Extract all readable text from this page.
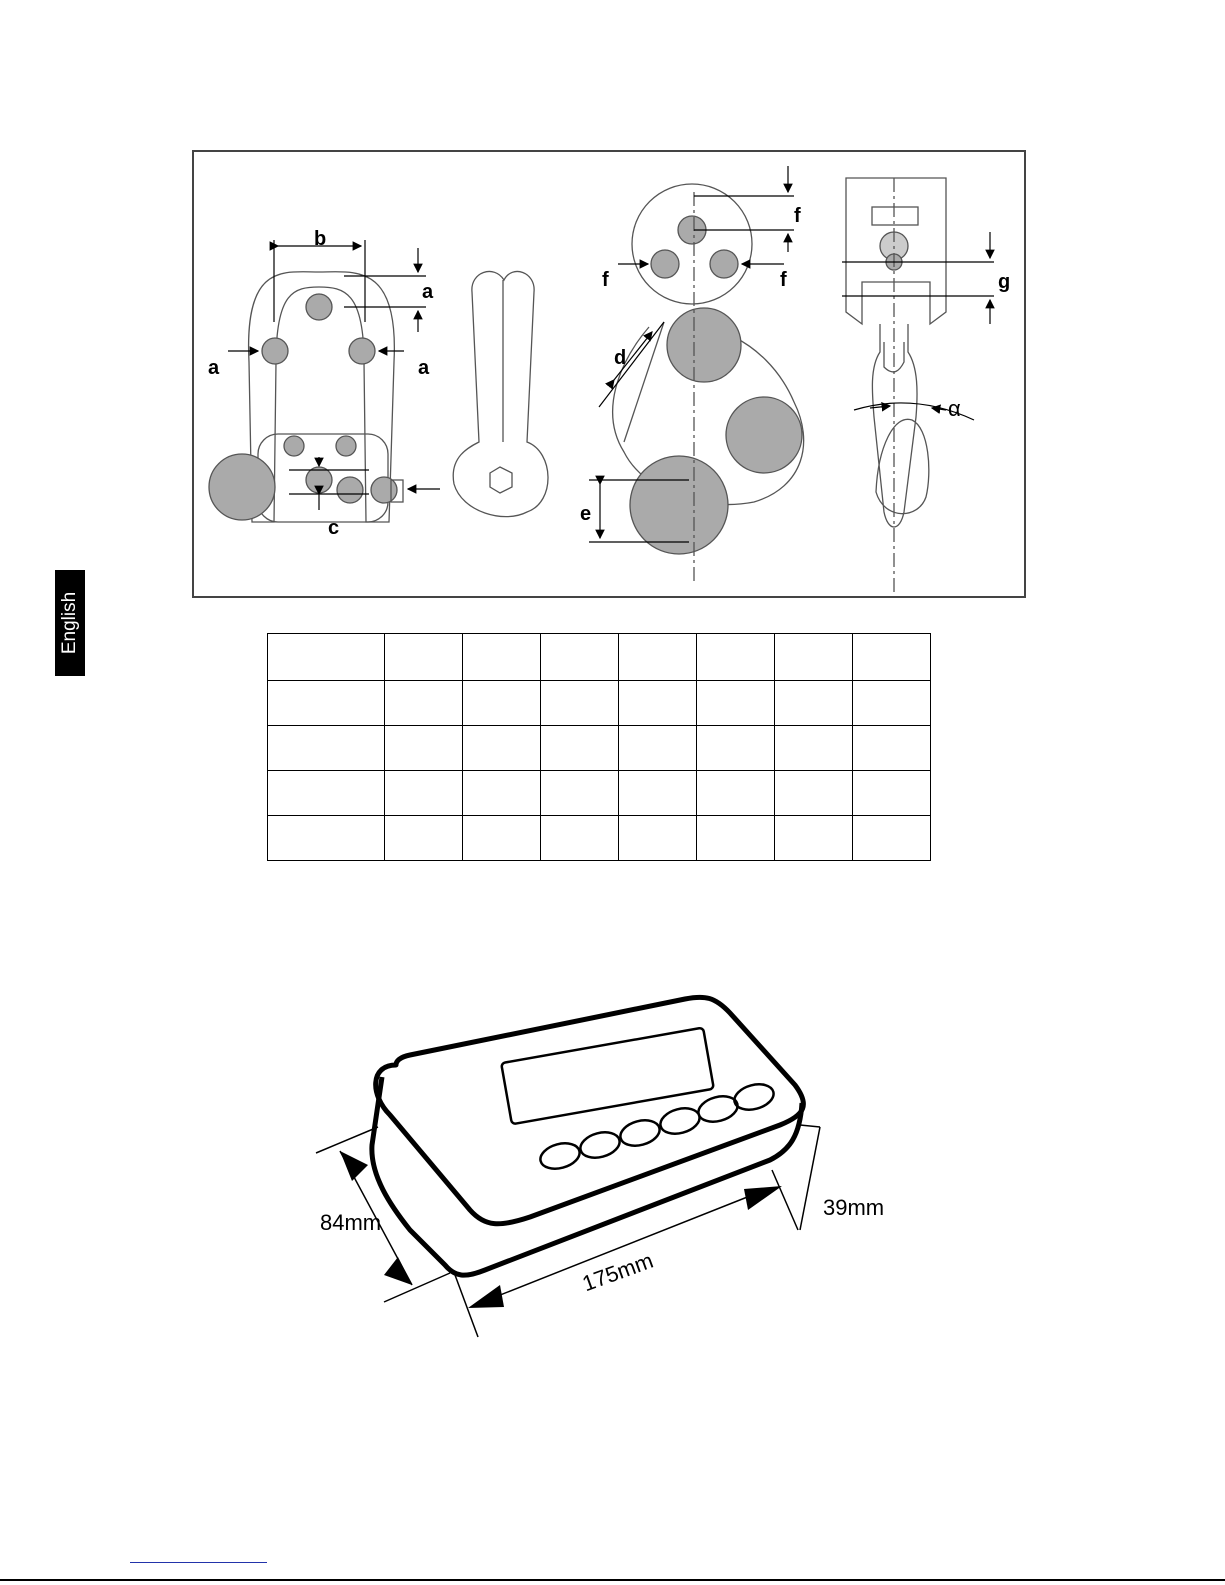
English
b
a
a	a
c
f
f	f
d
e
g
α

84mm
175mm
39mm
